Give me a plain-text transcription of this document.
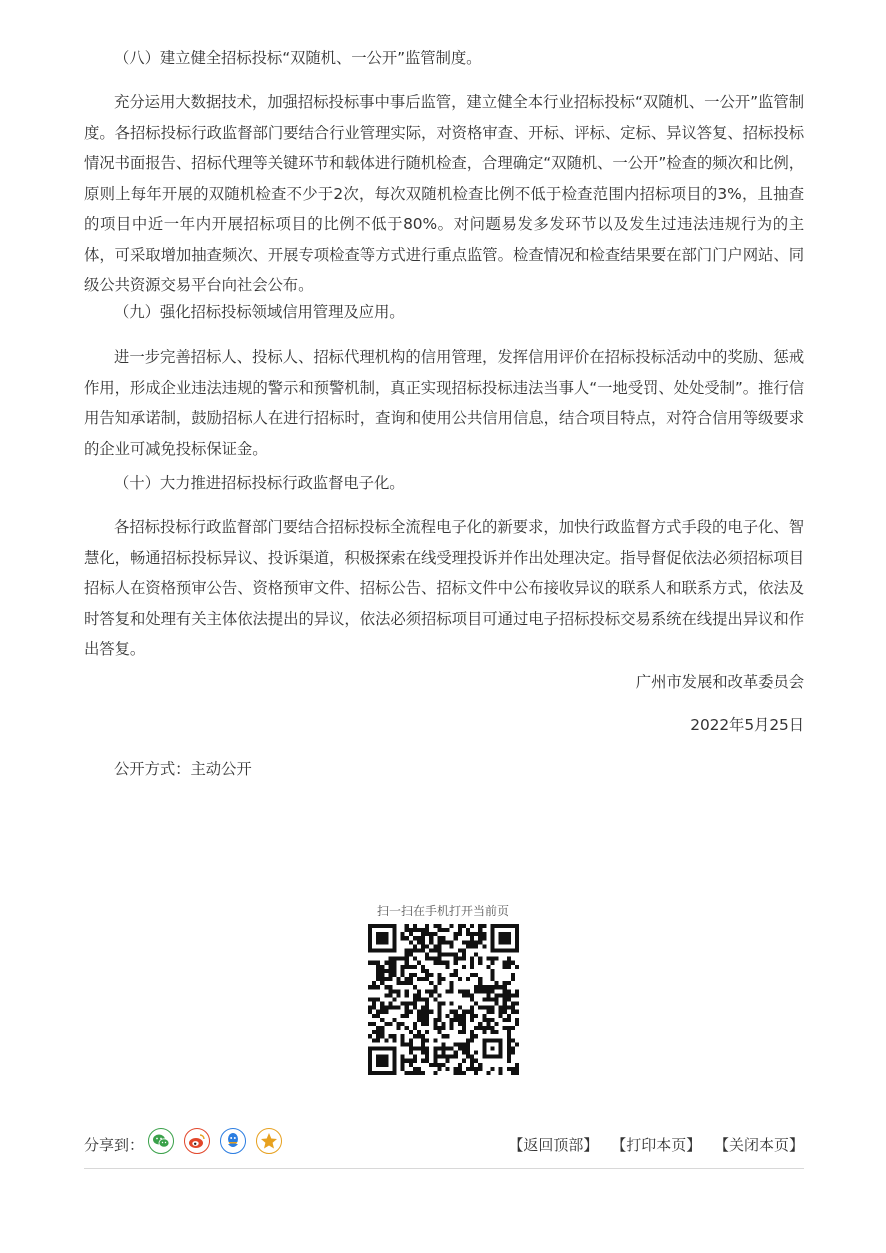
（八）建立健全招标投标“双随机、一公开”监管制度。

充分运用大数据技术，加强招标投标事中事后监管，建立健全本行业招标投标“双随机、一公开”监管制度。各招标投标行政监督部门要结合行业管理实际，对资格审查、开标、评标、定标、异议答复、招标投标情况书面报告、招标代理等关键环节和载体进行随机检查，合理确定“双随机、一公开”检查的频次和比例，原则上每年开展的双随机检查不少于2次，每次双随机检查比例不低于检查范围内招标项目的3%，且抽查的项目中近一年内开展招标项目的比例不低于80%。对问题易发多发环节以及发生过违法违规行为的主体，可采取增加抽查频次、开展专项检查等方式进行重点监管。检查情况和检查结果要在部门门户网站、同级公共资源交易平台向社会公布。

（九）强化招标投标领域信用管理及应用。

进一步完善招标人、投标人、招标代理机构的信用管理，发挥信用评价在招标投标活动中的奖励、惩戒作用，形成企业违法违规的警示和预警机制，真正实现招标投标违法当事人“一地受罚、处处受制”。推行信用告知承诺制，鼓励招标人在进行招标时，查询和使用公共信用信息，结合项目特点，对符合信用等级要求的企业可减免投标保证金。

（十）大力推进招标投标行政监督电子化。

各招标投标行政监督部门要结合招标投标全流程电子化的新要求，加快行政监督方式手段的电子化、智慧化，畅通招标投标异议、投诉渠道，积极探索在线受理投诉并作出处理决定。指导督促依法必须招标项目招标人在资格预审公告、资格预审文件、招标公告、招标文件中公布接收异议的联系人和联系方式，依法及时答复和处理有关主体依法提出的异议，依法必须招标项目可通过电子招标投标交易系统在线提出异议和作出答复。

广州市发展和改革委员会

2022年5月25日

公开方式：主动公开

扫一扫在手机打开当前页
分享到：	【返回顶部】 【打印本页】 【关闭本页】
